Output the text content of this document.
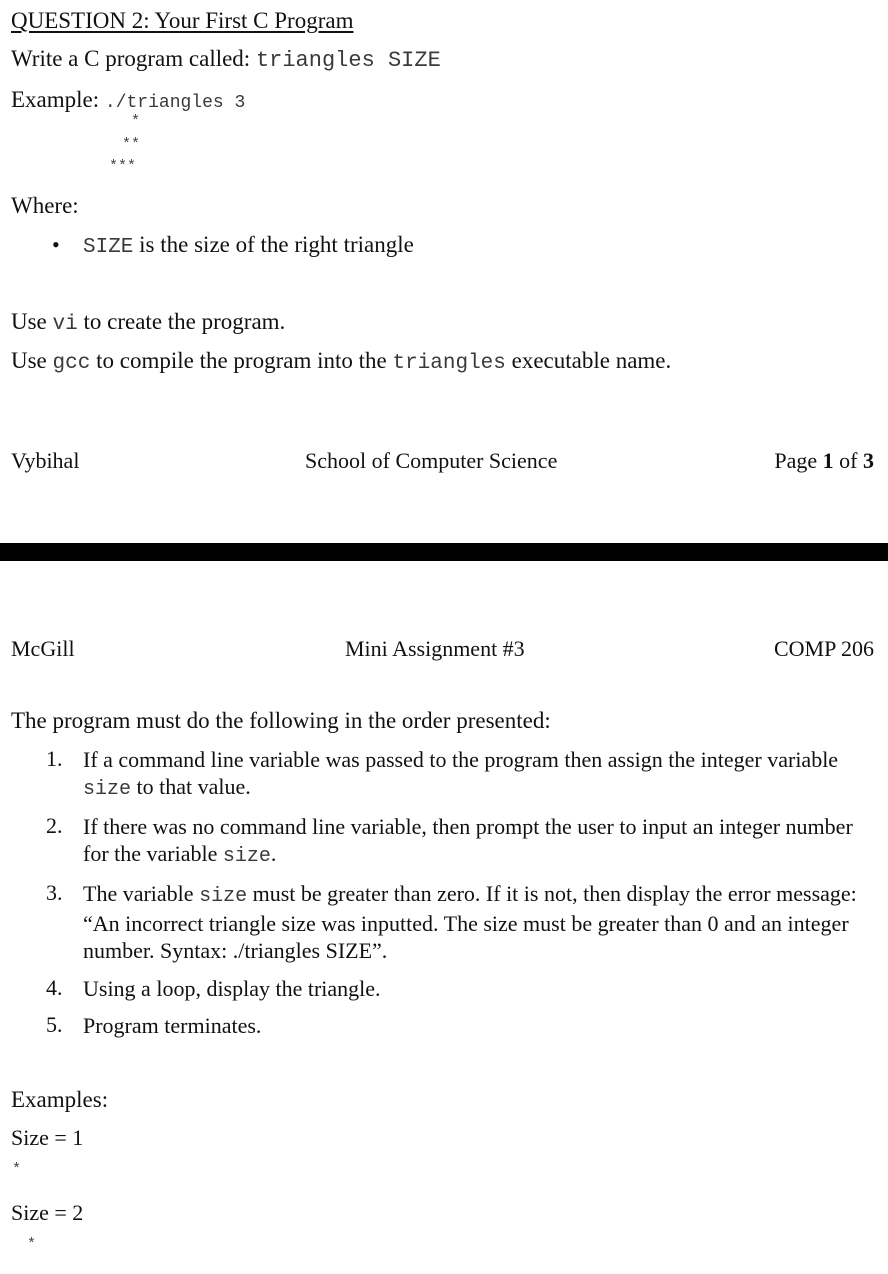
QUESTION 2: Your First C Program
Write a C program called: triangles SIZE
Example: ./triangles 3
*
**
***
Where:
• SIZE is the size of the right triangle
Use vi to create the program.
Use gcc to compile the program into the triangles executable name.
Vybihal	School of Computer Science	Page 1 of 3
McGill	Mini Assignment #3	COMP 206
The program must do the following in the order presented:
1. If a command line variable was passed to the program then assign the integer variable size to that value.
2. If there was no command line variable, then prompt the user to input an integer number for the variable size.
3. The variable size must be greater than zero. If it is not, then display the error message: “An incorrect triangle size was inputted. The size must be greater than 0 and an integer number. Syntax: ./triangles SIZE”.
4. Using a loop, display the triangle.
5. Program terminates.
Examples:
Size = 1
*
Size = 2
*
